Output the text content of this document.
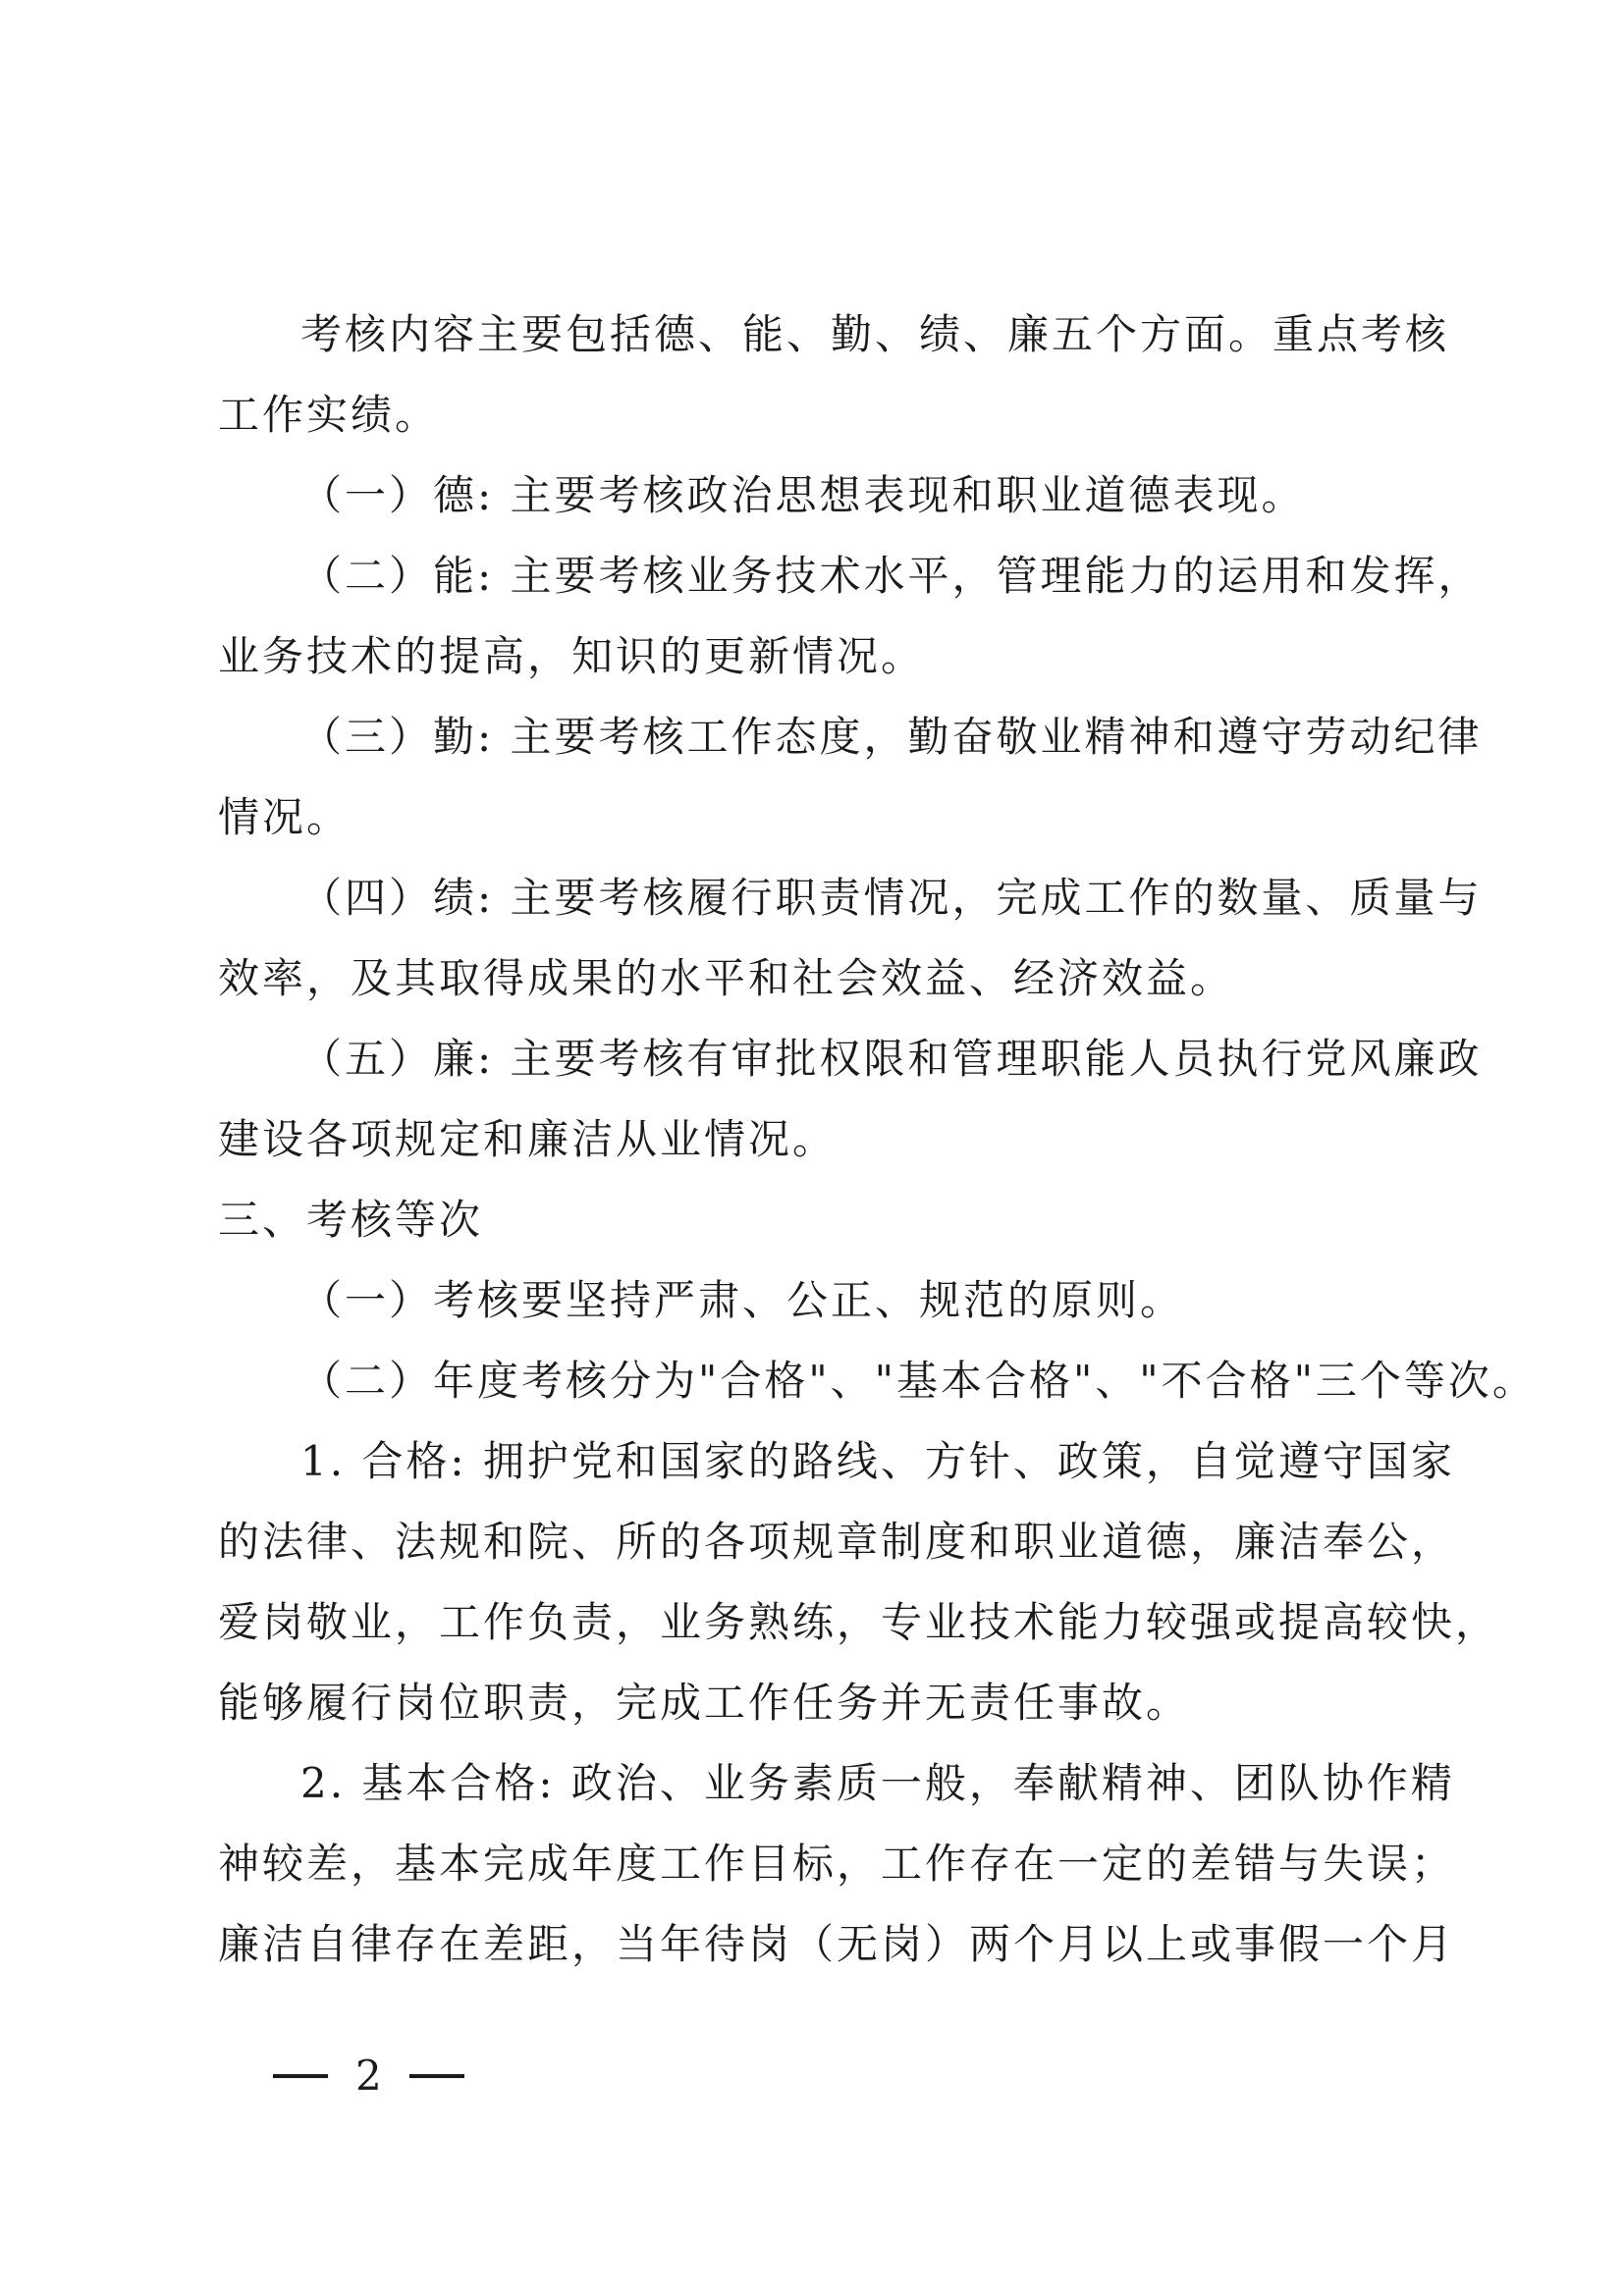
考核内容主要包括德、能、勤、绩、廉五个方面。重点考核
工作实绩。
（一）德: 主要考核政治思想表现和职业道德表现。
（二）能: 主要考核业务技术水平，管理能力的运用和发挥，
业务技术的提高，知识的更新情况。
（三）勤: 主要考核工作态度，勤奋敬业精神和遵守劳动纪律
情况。
（四）绩: 主要考核履行职责情况，完成工作的数量、质量与
效率，及其取得成果的水平和社会效益、经济效益。
（五）廉: 主要考核有审批权限和管理职能人员执行党风廉政
建设各项规定和廉洁从业情况。
三、考核等次
（一）考核要坚持严肃、公正、规范的原则。
（二）年度考核分为"合格"、"基本合格"、"不合格"三个等次。
1. 合格: 拥护党和国家的路线、方针、政策，自觉遵守国家
的法律、法规和院、所的各项规章制度和职业道德，廉洁奉公，
爱岗敬业，工作负责，业务熟练，专业技术能力较强或提高较快，
能够履行岗位职责，完成工作任务并无责任事故。
2. 基本合格: 政治、业务素质一般，奉献精神、团队协作精
神较差，基本完成年度工作目标，工作存在一定的差错与失误；
廉洁自律存在差距，当年待岗（无岗）两个月以上或事假一个月
2
